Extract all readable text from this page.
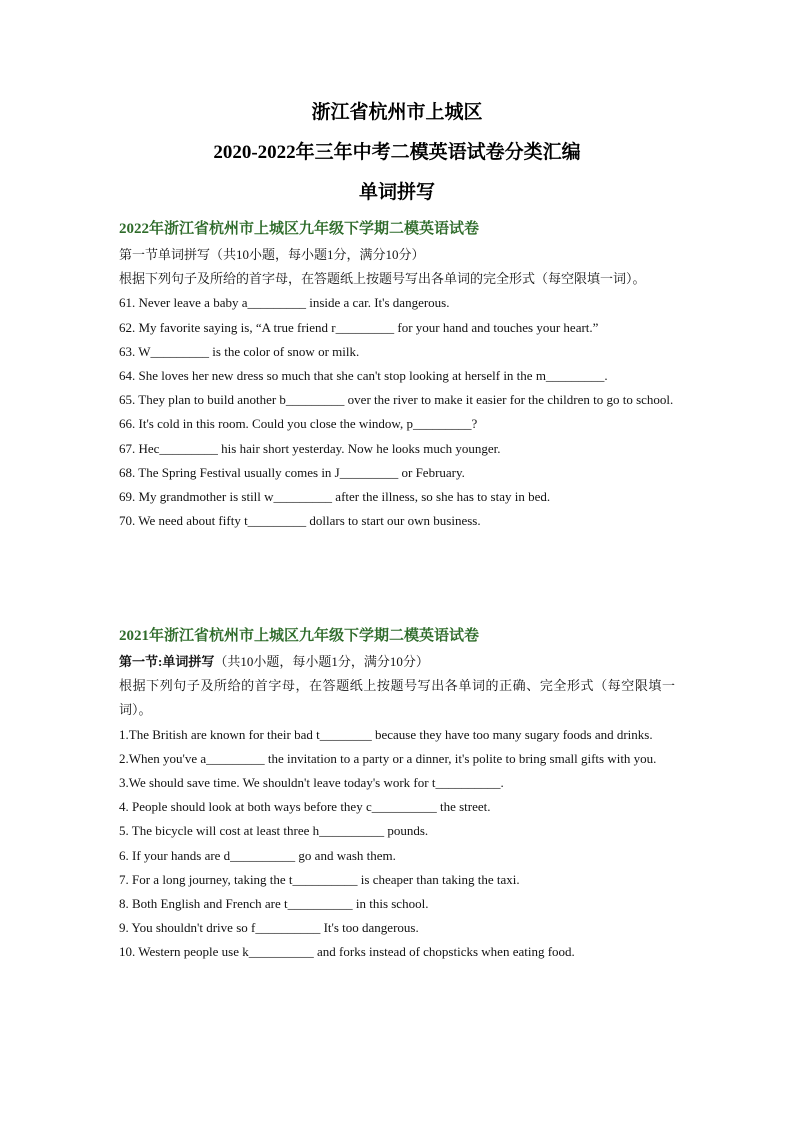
浙江省杭州市上城区
2020-2022年三年中考二模英语试卷分类汇编
单词拼写
2022年浙江省杭州市上城区九年级下学期二模英语试卷
第一节单词拼写（共10小题，每小题1分，满分10分）
根据下列句子及所给的首字母，在答题纸上按题号写出各单词的完全形式（每空限填一词）。
61. Never leave a baby a_________ inside a car. It's dangerous.
62. My favorite saying is, “A true friend r_________ for your hand and touches your heart.”
63. W_________ is the color of snow or milk.
64. She loves her new dress so much that she can't stop looking at herself in the m_________.
65. They plan to build another b_________ over the river to make it easier for the children to go to school.
66. It's cold in this room. Could you close the window, p_________?
67. Hec_________ his hair short yesterday. Now he looks much younger.
68. The Spring Festival usually comes in J_________ or February.
69. My grandmother is still w_________ after the illness, so she has to stay in bed.
70. We need about fifty t_________ dollars to start our own business.
2021年浙江省杭州市上城区九年级下学期二模英语试卷
第一节:单词拼写（共10小题，每小题1分，满分10分）
根据下列句子及所给的首字母，在答题纸上按题号写出各单词的正确、完全形式（每空限填一词）。
1.The British are known for their bad t________ because they have too many sugary foods and drinks.
2.When you've a_________ the invitation to a party or a dinner, it's polite to bring small gifts with you.
3.We should save time. We shouldn't leave today's work for t__________.
4. People should look at both ways before they c__________ the street.
5. The bicycle will cost at least three h__________ pounds.
6. If your hands are d__________ go and wash them.
7. For a long journey, taking the t__________ is cheaper than taking the taxi.
8. Both English and French are t__________ in this school.
9. You shouldn't drive so f__________ It's too dangerous.
10. Western people use k__________ and forks instead of chopsticks when eating food.
